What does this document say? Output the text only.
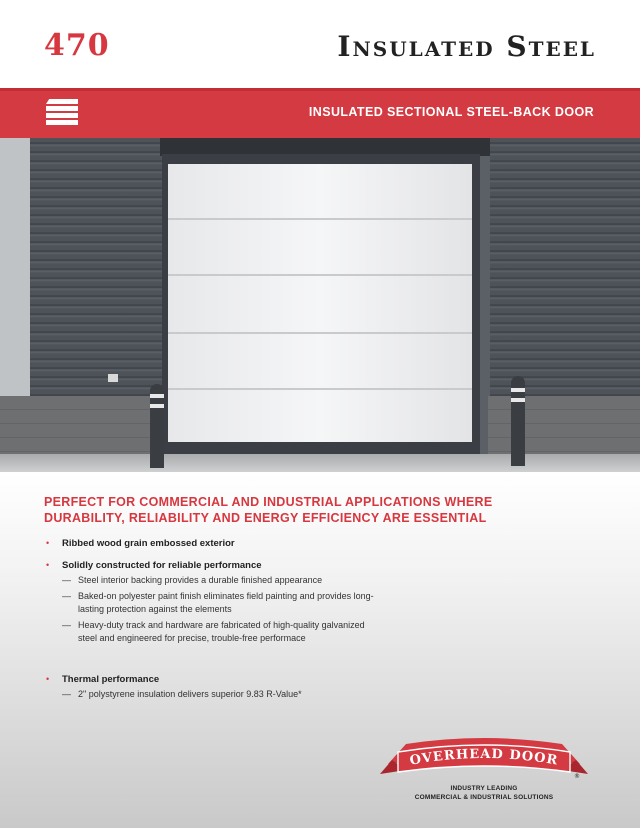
470	Insulated Steel
INSULATED SECTIONAL STEEL-BACK DOOR
PERFECT FOR COMMERCIAL AND INDUSTRIAL APPLICATIONS WHERE DURABILITY, RELIABILITY AND ENERGY EFFICIENCY ARE ESSENTIAL
• Ribbed wood grain embossed exterior
• Solidly constructed for reliable performance
— Steel interior backing provides a durable finished appearance
— Baked-on polyester paint finish eliminates field painting and provides long-lasting protection against the elements
— Heavy-duty track and hardware are fabricated of high-quality galvanized steel and engineered for precise, trouble-free performace
• Thermal performance
— 2" polystyrene insulation delivers superior 9.83 R-Value*
OVERHEAD DOOR
®
INDUSTRY LEADING
COMMERCIAL & INDUSTRIAL SOLUTIONS
